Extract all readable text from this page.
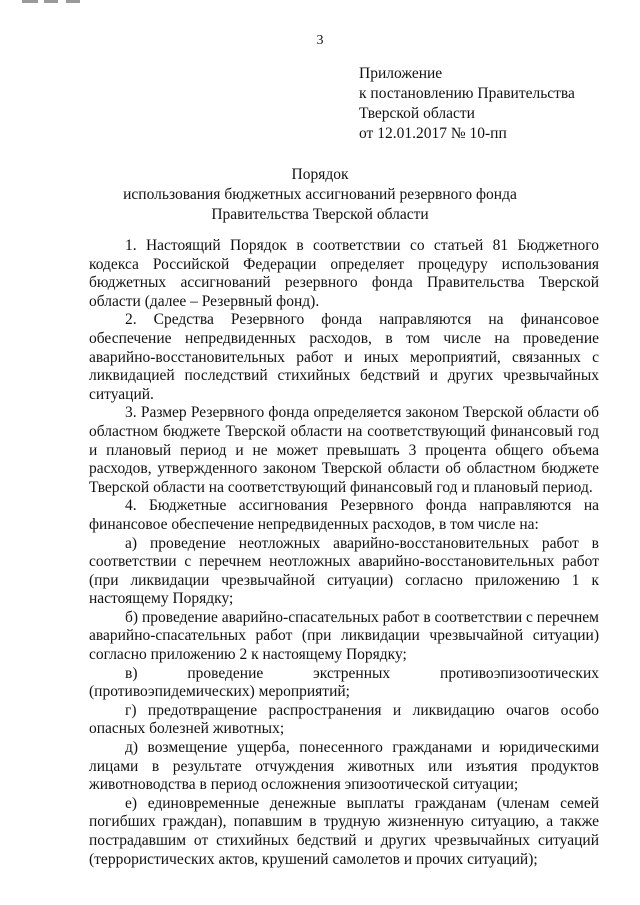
3

Приложение
к постановлению Правительства
Тверской области
от 12.01.2017 № 10-пп
Порядок
использования бюджетных ассигнований резервного фонда
Правительства Тверской области

1. Настоящий Порядок в соответствии со статьей 81 Бюджетного кодекса Российской Федерации определяет процедуру использования бюджетных ассигнований резервного фонда Правительства Тверской области (далее – Резервный фонд).

2. Средства Резервного фонда направляются на финансовое обеспечение непредвиденных расходов, в том числе на проведение аварийно-восстановительных работ и иных мероприятий, связанных с ликвидацией последствий стихийных бедствий и других чрезвычайных ситуаций.

3. Размер Резервного фонда определяется законом Тверской области об областном бюджете Тверской области на соответствующий финансовый год и плановый период и не может превышать 3 процента общего объема расходов, утвержденного законом Тверской области об областном бюджете Тверской области на соответствующий финансовый год и плановый период.

4. Бюджетные ассигнования Резервного фонда направляются на финансовое обеспечение непредвиденных расходов, в том числе на:

а) проведение неотложных аварийно-восстановительных работ в соответствии с перечнем неотложных аварийно-восстановительных работ (при ликвидации чрезвычайной ситуации) согласно приложению 1 к настоящему Порядку;

б) проведение аварийно-спасательных работ в соответствии с перечнем аварийно-спасательных работ (при ликвидации чрезвычайной ситуации) согласно приложению 2 к настоящему Порядку;

в) проведение экстренных противоэпизоотических (противоэпидемических) мероприятий;

г) предотвращение распространения и ликвидацию очагов особо опасных болезней животных;

д) возмещение ущерба, понесенного гражданами и юридическими лицами в результате отчуждения животных или изъятия продуктов животноводства в период осложнения эпизоотической ситуации;

е) единовременные денежные выплаты гражданам (членам семей погибших граждан), попавшим в трудную жизненную ситуацию, а также пострадавшим от стихийных бедствий и других чрезвычайных ситуаций (террористических актов, крушений самолетов и прочих ситуаций);
